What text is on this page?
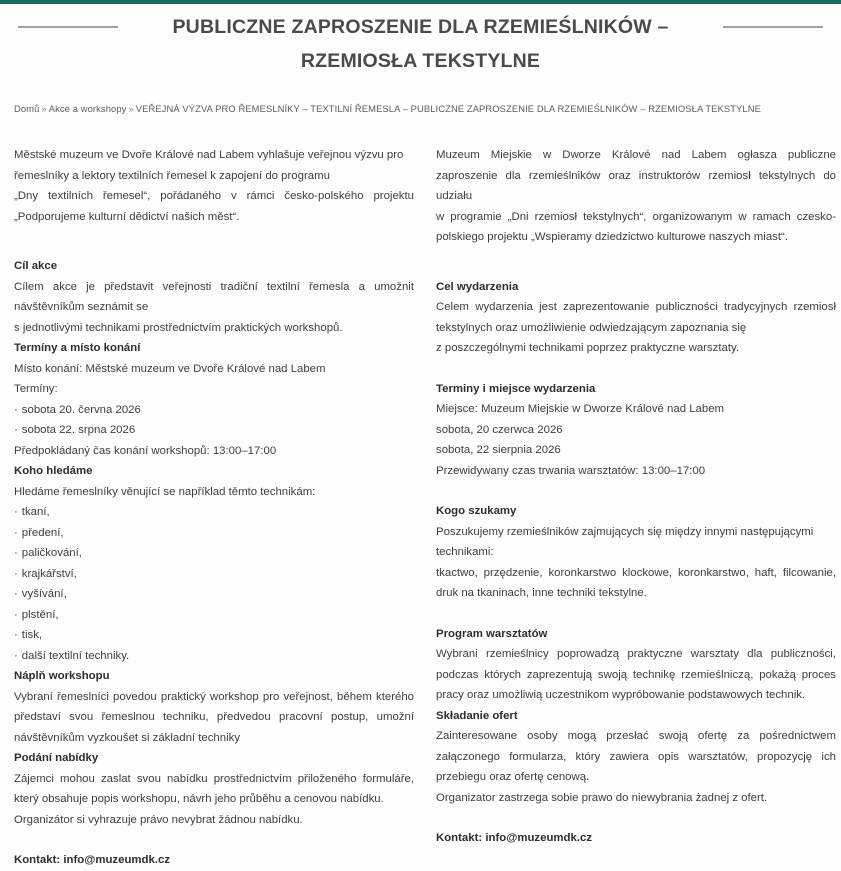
PUBLICZNE ZAPROSZENIE DLA RZEMIEŚLNIKÓW –
RZEMIOSŁA TEKSTYLNE
Domů » Akce a workshopy » VEŘEJNÁ VÝZVA PRO ŘEMESLNÍKY – TEXTILNÍ ŘEMESLA – PUBLICZNE ZAPROSZENIE DLA RZEMIEŚLNIKÓW – RZEMIOSŁA TEKSTYLNE

Městské muzeum ve Dvoře Králové nad Labem vyhlašuje veřejnou výzvu pro řemeslníky a lektory textilních řemesel k zapojení do programu

„Dny textilních řemesel“, pořádaného v rámci česko-polského projektu „Podporujeme kulturní dědictví našich měst“.

Cíl akce

Cílem akce je představit veřejnosti tradiční textilní řemesla a umožnit návštěvníkům seznámit se

s jednotlivými technikami prostřednictvím praktických workshopů.

Termíny a místo konání

Místo konání: Městské muzeum ve Dvoře Králové nad Labem

Termíny:

· sobota 20. června 2026
· sobota 22. srpna 2026

Předpokládaný čas konání workshopů: 13:00–17:00

Koho hledáme

Hledáme řemeslníky věnující se například těmto technikám:

· tkaní,
· předení,
· paličkování,
· krajkářství,
· vyšívání,
· plstění,
· tisk,
· další textilní techniky.
Náplň workshopu

Vybraní řemeslníci povedou praktický workshop pro veřejnost, během kterého představí svou řemeslnou techniku, předvedou pracovní postup, umožní návštěvníkům vyzkoušet si základní techniky

Podání nabídky

Zájemci mohou zaslat svou nabídku prostřednictvím přiloženého formuláře, který obsahuje popis workshopu, návrh jeho průběhu a cenovou nabídku.

Organizátor si vyhrazuje právo nevybrat žádnou nabídku.

Kontakt: info@muzeumdk.cz

Muzeum Miejskie w Dworze Králové nad Labem ogłasza publiczne zaproszenie dla rzemieślników oraz instruktorów rzemiosł tekstylnych do udziału

w programie „Dni rzemiosł tekstylnych“, organizowanym w ramach czesko-polskiego projektu „Wspieramy dziedzictwo kulturowe naszych miast“.

Cel wydarzenia

Celem wydarzenia jest zaprezentowanie publiczności tradycyjnych rzemiosł tekstylnych oraz umożliwienie odwiedzającym zapoznania się

z poszczególnymi technikami poprzez praktyczne warsztaty.

Terminy i miejsce wydarzenia

Miejsce: Muzeum Miejskie w Dworze Králové nad Labem

sobota, 20 czerwca 2026

sobota, 22 sierpnia 2026

Przewidywany czas trwania warsztatów: 13:00–17:00

Kogo szukamy

Poszukujemy rzemieślników zajmujących się między innymi następującymi technikami:

tkactwo, przędzenie, koronkarstwo klockowe, koronkarstwo, haft, filcowanie, druk na tkaninach, inne techniki tekstylne.

Program warsztatów

Wybrani rzemieślnicy poprowadzą praktyczne warsztaty dla publiczności, podczas których zaprezentują swoją technikę rzemieślniczą, pokażą proces pracy oraz umożliwią uczestnikom wypróbowanie podstawowych technik.

Składanie ofert

Zainteresowane osoby mogą przesłać swoją ofertę za pośrednictwem załączonego formularza, który zawiera opis warsztatów, propozycję ich przebiegu oraz ofertę cenową.

Organizator zastrzega sobie prawo do niewybrania żadnej z ofert.

Kontakt: info@muzeumdk.cz
